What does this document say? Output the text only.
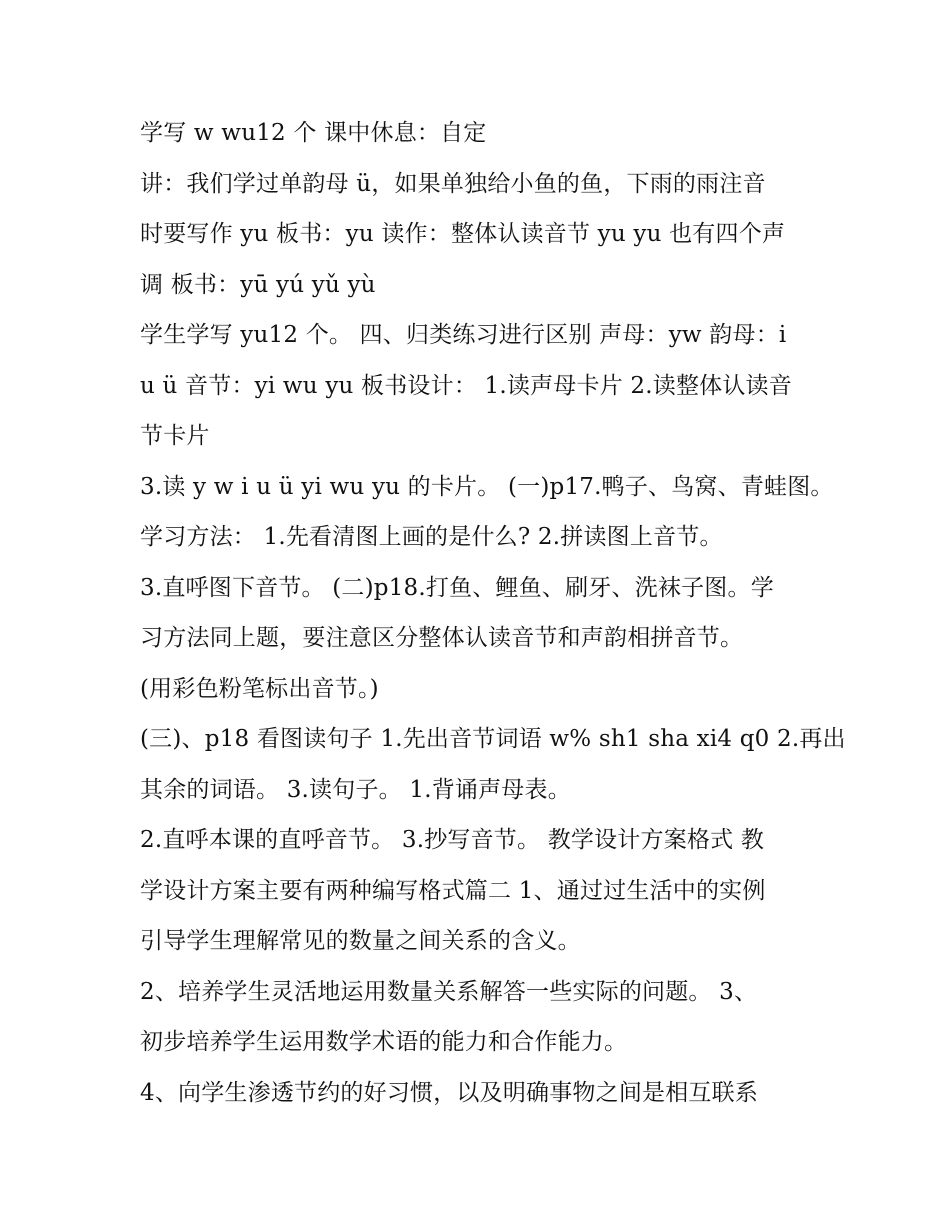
学写 w wu12 个 课中休息：自定
讲：我们学过单韵母 ü，如果单独给小鱼的鱼，下雨的雨注音
时要写作 yu 板书：yu 读作：整体认读音节 yu yu 也有四个声
调 板书：yū yú yǔ yù
学生学写 yu12 个。 四、归类练习进行区别 声母：yw 韵母：i
u ü 音节：yi wu yu 板书设计： 1.读声母卡片 2.读整体认读音
节卡片
3.读 y w i u ü yi wu yu 的卡片。 (一)p17.鸭子、鸟窝、青蛙图。
学习方法： 1.先看清图上画的是什么? 2.拼读图上音节。
3.直呼图下音节。 (二)p18.打鱼、鲤鱼、刷牙、洗袜子图。学
习方法同上题，要注意区分整体认读音节和声韵相拼音节。
(用彩色粉笔标出音节。)
(三)、p18 看图读句子 1.先出音节词语 w% sh1 sha xi4 q0 2.再出
其余的词语。 3.读句子。 1.背诵声母表。
2.直呼本课的直呼音节。 3.抄写音节。 教学设计方案格式 教
学设计方案主要有两种编写格式篇二 1、通过过生活中的实例
引导学生理解常见的数量之间关系的含义。
2、培养学生灵活地运用数量关系解答一些实际的问题。 3、
初步培养学生运用数学术语的能力和合作能力。
4、向学生渗透节约的好习惯，以及明确事物之间是相互联系
